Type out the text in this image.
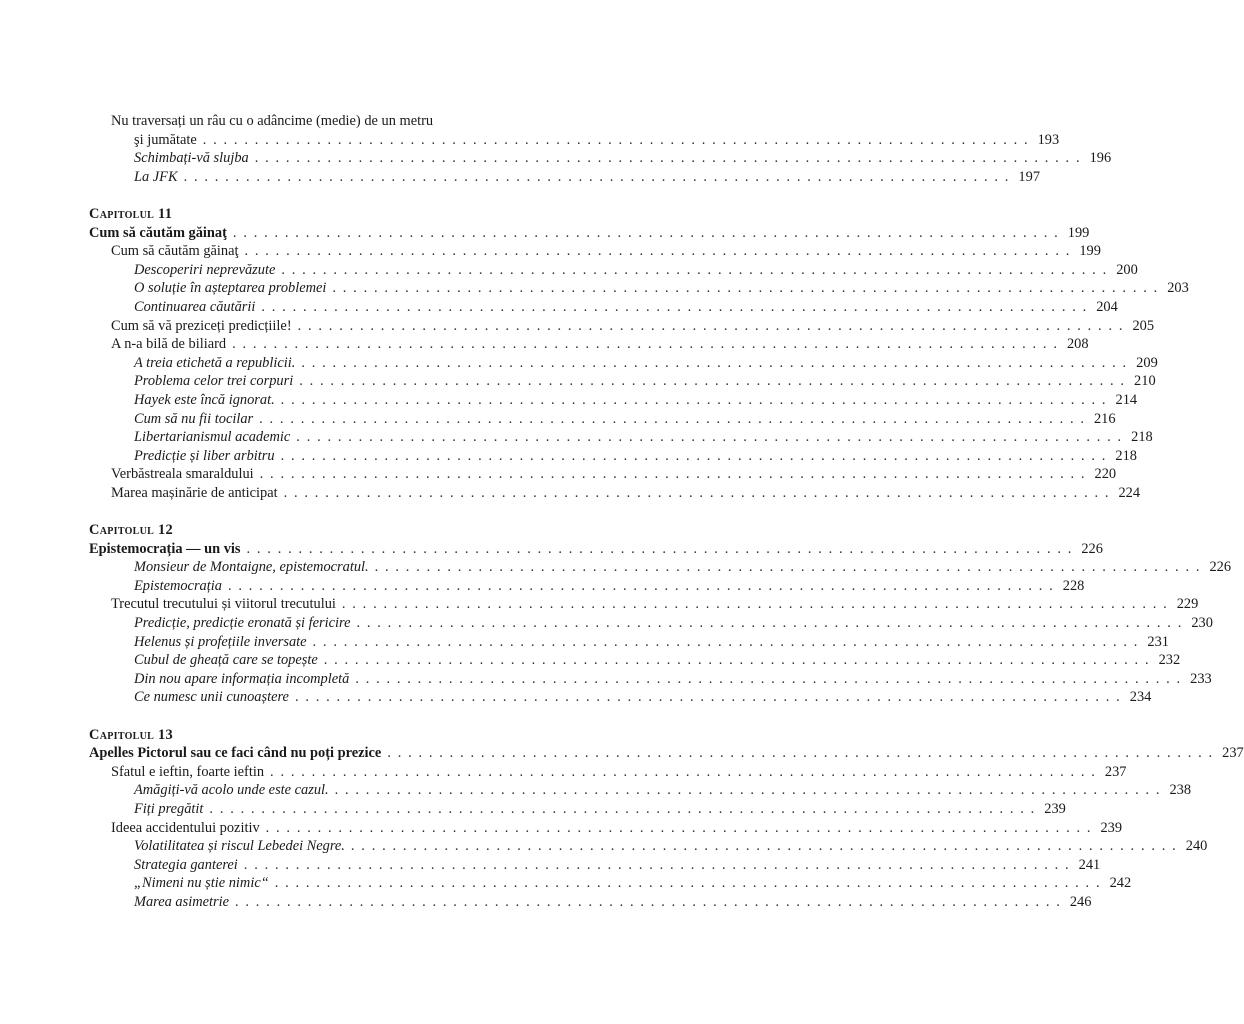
Nu traversați un râu cu o adâncime (medie) de un metru
şi jumătate . . . . . . . . . . . . . . . . . . . . . . . . . . . . . . . . . . . . . . . . . . . . . . . . . . . . . . . . . . . . . . . . . . . . . . . . . . . . . . . . 193
Schimbați-vă slujba . . . . . . . . . . . . . . . . . . . . . . . . . . . . . . . . . . . . . . . . . . . . . . . . . . . . . . . . . . . . . . . . . . . . . . . . . . . . . . . . 196
La JFK . . . . . . . . . . . . . . . . . . . . . . . . . . . . . . . . . . . . . . . . . . . . . . . . . . . . . . . . . . . . . . . . . . . . . . . . . . . . . . . . 197
Capitolul 11
Cum să căutăm găinaţ . . . . . . . . . . . . . . . . . . . . . . . . . . . . . . . . . . . . . . . . . . . . . . . . . . . . . . . . . . . . . . . . . . . . . . . . . . . . . . . . 199
Cum să căutăm găinaţ . . . . . . . . . . . . . . . . . . . . . . . . . . . . . . . . . . . . . . . . . . . . . . . . . . . . . . . . . . . . . . . . . . . . . . . . . . . . . . . . 199
Descoperiri neprevăzute . . . . . . . . . . . . . . . . . . . . . . . . . . . . . . . . . . . . . . . . . . . . . . . . . . . . . . . . . . . . . . . . . . . . . . . . . . . . . . . . 200
O soluție în așteptarea problemei . . . . . . . . . . . . . . . . . . . . . . . . . . . . . . . . . . . . . . . . . . . . . . . . . . . . . . . . . . . . . . . . . . . . . . . . . . . . . . . . 203
Continuarea căutării . . . . . . . . . . . . . . . . . . . . . . . . . . . . . . . . . . . . . . . . . . . . . . . . . . . . . . . . . . . . . . . . . . . . . . . . . . . . . . . . 204
Cum să vă preziceți predicțiile! . . . . . . . . . . . . . . . . . . . . . . . . . . . . . . . . . . . . . . . . . . . . . . . . . . . . . . . . . . . . . . . . . . . . . . . . . . . . . . . . 205
A n-a bilă de biliard . . . . . . . . . . . . . . . . . . . . . . . . . . . . . . . . . . . . . . . . . . . . . . . . . . . . . . . . . . . . . . . . . . . . . . . . . . . . . . . . 208
A treia etichetă a republicii. . . . . . . . . . . . . . . . . . . . . . . . . . . . . . . . . . . . . . . . . . . . . . . . . . . . . . . . . . . . . . . . . . . . . . . . . . . . . . . . . 209
Problema celor trei corpuri . . . . . . . . . . . . . . . . . . . . . . . . . . . . . . . . . . . . . . . . . . . . . . . . . . . . . . . . . . . . . . . . . . . . . . . . . . . . . . . . 210
Hayek este încă ignorat. . . . . . . . . . . . . . . . . . . . . . . . . . . . . . . . . . . . . . . . . . . . . . . . . . . . . . . . . . . . . . . . . . . . . . . . . . . . . . . . . 214
Cum să nu fii tocilar . . . . . . . . . . . . . . . . . . . . . . . . . . . . . . . . . . . . . . . . . . . . . . . . . . . . . . . . . . . . . . . . . . . . . . . . . . . . . . . . 216
Libertarianismul academic . . . . . . . . . . . . . . . . . . . . . . . . . . . . . . . . . . . . . . . . . . . . . . . . . . . . . . . . . . . . . . . . . . . . . . . . . . . . . . . . 218
Predicție și liber arbitru . . . . . . . . . . . . . . . . . . . . . . . . . . . . . . . . . . . . . . . . . . . . . . . . . . . . . . . . . . . . . . . . . . . . . . . . . . . . . . . . 218
Verbăstreala smaraldului . . . . . . . . . . . . . . . . . . . . . . . . . . . . . . . . . . . . . . . . . . . . . . . . . . . . . . . . . . . . . . . . . . . . . . . . . . . . . . . . 220
Marea mașinărie de anticipat . . . . . . . . . . . . . . . . . . . . . . . . . . . . . . . . . . . . . . . . . . . . . . . . . . . . . . . . . . . . . . . . . . . . . . . . . . . . . . . . 224
Capitolul 12
Epistemocrația — un vis . . . . . . . . . . . . . . . . . . . . . . . . . . . . . . . . . . . . . . . . . . . . . . . . . . . . . . . . . . . . . . . . . . . . . . . . . . . . . . . . 226
Monsieur de Montaigne, epistemocratul. . . . . . . . . . . . . . . . . . . . . . . . . . . . . . . . . . . . . . . . . . . . . . . . . . . . . . . . . . . . . . . . . . . . . . . . . . . . . . . . . 226
Epistemocrația . . . . . . . . . . . . . . . . . . . . . . . . . . . . . . . . . . . . . . . . . . . . . . . . . . . . . . . . . . . . . . . . . . . . . . . . . . . . . . . . 228
Trecutul trecutului și viitorul trecutului . . . . . . . . . . . . . . . . . . . . . . . . . . . . . . . . . . . . . . . . . . . . . . . . . . . . . . . . . . . . . . . . . . . . . . . . . . . . . . . . 229
Predicție, predicție eronată și fericire . . . . . . . . . . . . . . . . . . . . . . . . . . . . . . . . . . . . . . . . . . . . . . . . . . . . . . . . . . . . . . . . . . . . . . . . . . . . . . . . 230
Helenus și profețiile inversate . . . . . . . . . . . . . . . . . . . . . . . . . . . . . . . . . . . . . . . . . . . . . . . . . . . . . . . . . . . . . . . . . . . . . . . . . . . . . . . . 231
Cubul de gheață care se topește . . . . . . . . . . . . . . . . . . . . . . . . . . . . . . . . . . . . . . . . . . . . . . . . . . . . . . . . . . . . . . . . . . . . . . . . . . . . . . . . 232
Din nou apare informația incompletă . . . . . . . . . . . . . . . . . . . . . . . . . . . . . . . . . . . . . . . . . . . . . . . . . . . . . . . . . . . . . . . . . . . . . . . . . . . . . . . . 233
Ce numesc unii cunoaștere . . . . . . . . . . . . . . . . . . . . . . . . . . . . . . . . . . . . . . . . . . . . . . . . . . . . . . . . . . . . . . . . . . . . . . . . . . . . . . . . 234
Capitolul 13
Apelles Pictorul sau ce faci când nu poți prezice . . . . . . . . . . . . . . . . . . . . . . . . . . . . . . . . . . . . . . . . . . . . . . . . . . . . . . . . . . . . . . . . . . . . . . . . . . . . . . . . 237
Sfatul e ieftin, foarte ieftin . . . . . . . . . . . . . . . . . . . . . . . . . . . . . . . . . . . . . . . . . . . . . . . . . . . . . . . . . . . . . . . . . . . . . . . . . . . . . . . . 237
Amăgiți-vă acolo unde este cazul. . . . . . . . . . . . . . . . . . . . . . . . . . . . . . . . . . . . . . . . . . . . . . . . . . . . . . . . . . . . . . . . . . . . . . . . . . . . . . . . . 238
Fiți pregătit . . . . . . . . . . . . . . . . . . . . . . . . . . . . . . . . . . . . . . . . . . . . . . . . . . . . . . . . . . . . . . . . . . . . . . . . . . . . . . . . 239
Ideea accidentului pozitiv . . . . . . . . . . . . . . . . . . . . . . . . . . . . . . . . . . . . . . . . . . . . . . . . . . . . . . . . . . . . . . . . . . . . . . . . . . . . . . . . 239
Volatilitatea și riscul Lebedei Negre. . . . . . . . . . . . . . . . . . . . . . . . . . . . . . . . . . . . . . . . . . . . . . . . . . . . . . . . . . . . . . . . . . . . . . . . . . . . . . . . . 240
Strategia ganterei . . . . . . . . . . . . . . . . . . . . . . . . . . . . . . . . . . . . . . . . . . . . . . . . . . . . . . . . . . . . . . . . . . . . . . . . . . . . . . . . 241
„Nimeni nu știe nimic“ . . . . . . . . . . . . . . . . . . . . . . . . . . . . . . . . . . . . . . . . . . . . . . . . . . . . . . . . . . . . . . . . . . . . . . . . . . . . . . . . 242
Marea asimetrie . . . . . . . . . . . . . . . . . . . . . . . . . . . . . . . . . . . . . . . . . . . . . . . . . . . . . . . . . . . . . . . . . . . . . . . . . . . . . . . . 246
